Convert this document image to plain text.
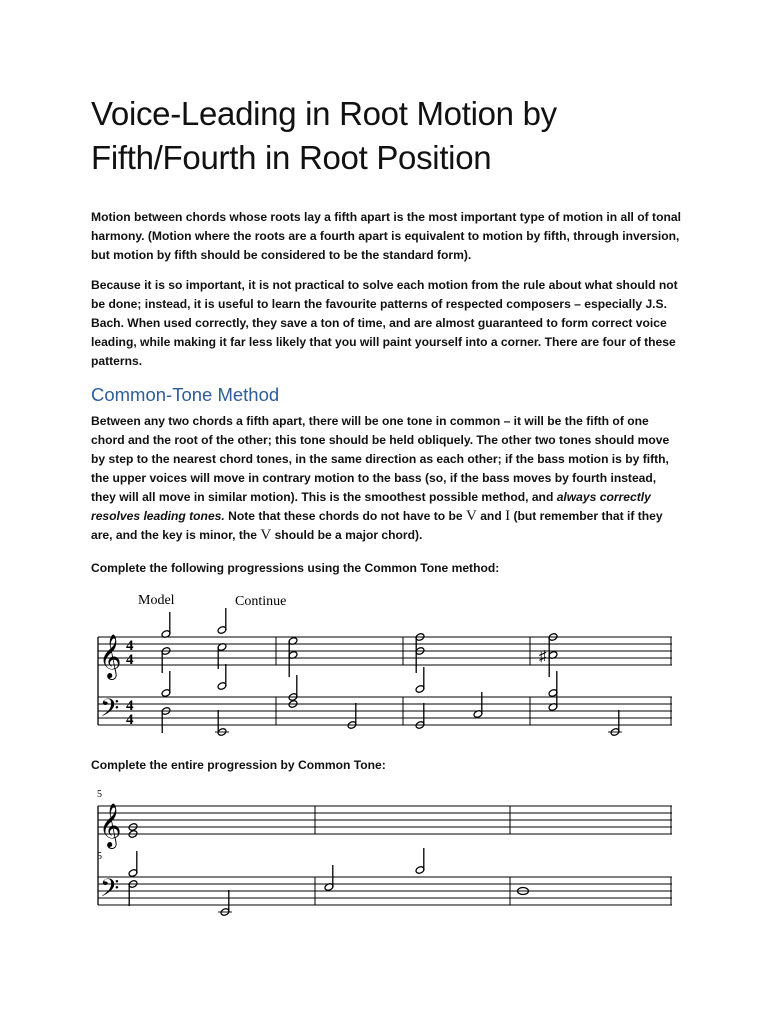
Voice-Leading in Root Motion by Fifth/Fourth in Root Position

Motion between chords whose roots lay a fifth apart is the most important type of motion in all of tonal harmony. (Motion where the roots are a fourth apart is equivalent to motion by fifth, through inversion, but motion by fifth should be considered to be the standard form).

Because it is so important, it is not practical to solve each motion from the rule about what should not be done; instead, it is useful to learn the favourite patterns of respected composers – especially J.S. Bach. When used correctly, they save a ton of time, and are almost guaranteed to form correct voice leading, while making it far less likely that you will paint yourself into a corner. There are four of these patterns.

Common-Tone Method

Between any two chords a fifth apart, there will be one tone in common – it will be the fifth of one chord and the root of the other; this tone should be held obliquely. The other two tones should move by step to the nearest chord tones, in the same direction as each other; if the bass motion is by fifth, the upper voices will move in contrary motion to the bass (so, if the bass moves by fourth instead, they will all move in similar motion). This is the smoothest possible method, and always correctly resolves leading tones. Note that these chords do not have to be V and I (but remember that if they are, and the key is minor, the V should be a major chord).

Complete the following progressions using the Common Tone method:

Model	Continue
𝄞
𝄢
4
4
4
4
♯

Complete the entire progression by Common Tone:

5
5
𝄞
𝄢
